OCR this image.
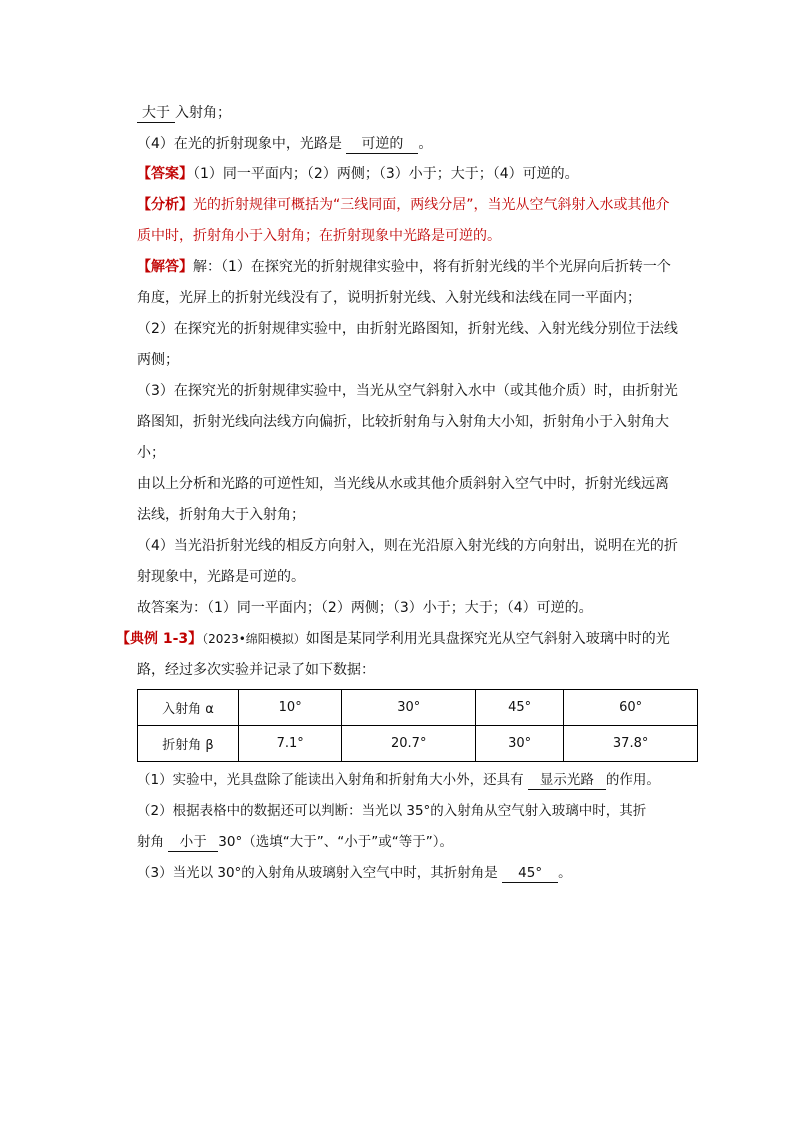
大于 入射角；
（4）在光的折射现象中，光路是 可逆的 。
【答案】（1）同一平面内；（2）两侧；（3）小于；大于；（4）可逆的。
【分析】光的折射规律可概括为“三线同面，两线分居”，当光从空气斜射入水或其他介
质中时，折射角小于入射角；在折射现象中光路是可逆的。
【解答】解：（1）在探究光的折射规律实验中，将有折射光线的半个光屏向后折转一个
角度，光屏上的折射光线没有了，说明折射光线、入射光线和法线在同一平面内；
（2）在探究光的折射规律实验中，由折射光路图知，折射光线、入射光线分别位于法线
两侧；
（3）在探究光的折射规律实验中，当光从空气斜射入水中（或其他介质）时，由折射光
路图知，折射光线向法线方向偏折，比较折射角与入射角大小知，折射角小于入射角大
小；
由以上分析和光路的可逆性知，当光线从水或其他介质斜射入空气中时，折射光线远离
法线，折射角大于入射角；
（4）当光沿折射光线的相反方向射入，则在光沿原入射光线的方向射出，说明在光的折
射现象中，光路是可逆的。
故答案为：（1）同一平面内；（2）两侧；（3）小于；大于；（4）可逆的。
【典例 1-3】（2023•绵阳模拟）如图是某同学利用光具盘探究光从空气斜射入玻璃中时的光
路，经过多次实验并记录了如下数据：
入射角 α	10°	30°	45°	60°
折射角 β	7.1°	20.7°	30°	37.8°
（1）实验中，光具盘除了能读出入射角和折射角大小外，还具有 显示光路 的作用。
（2）根据表格中的数据还可以判断：当光以 35°的入射角从空气射入玻璃中时，其折
射角 小于 30°（选填“大于”、“小于”或“等于”）。
（3）当光以 30°的入射角从玻璃射入空气中时，其折射角是 45° 。
